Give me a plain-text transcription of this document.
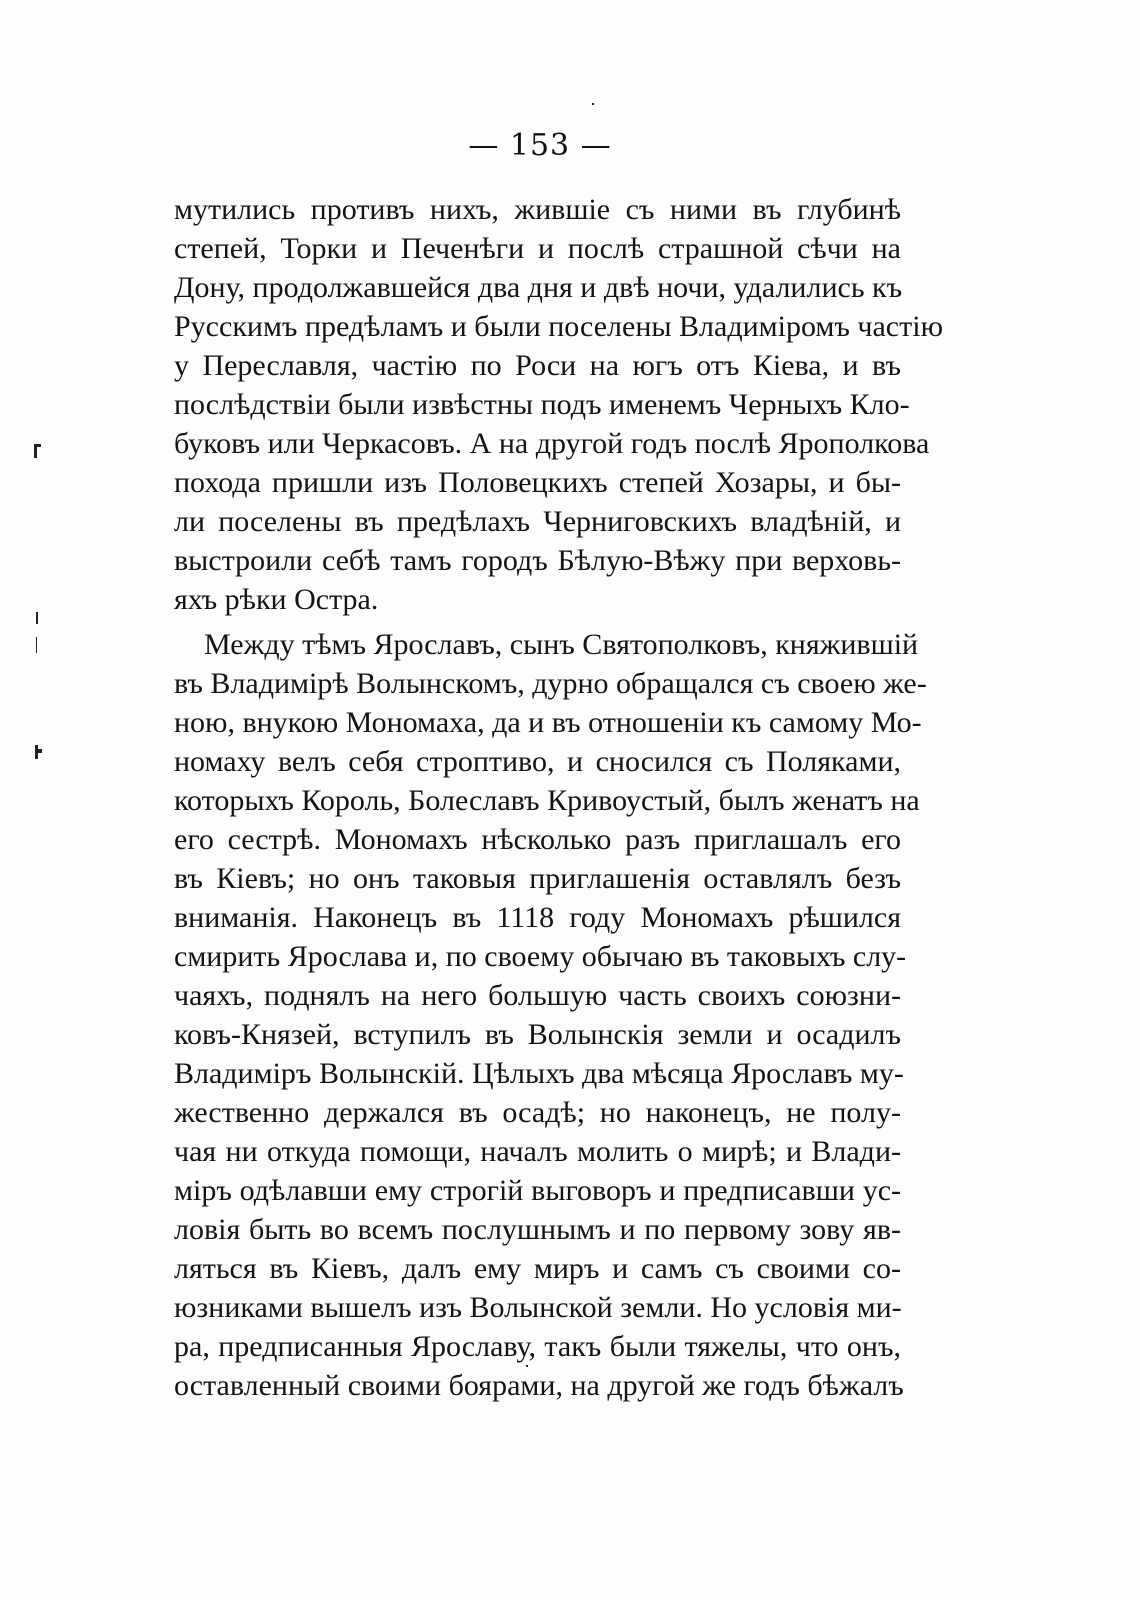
— 153 —
мутились противъ нихъ, жившіе съ ними въ глубинѣ
степей, Торки и Печенѣги и послѣ страшной сѣчи на
Дону, продолжавшейся два дня и двѣ ночи, удалились къ
Русскимъ предѣламъ и были поселены Владиміромъ частію
у Переславля, частію по Роси на югъ отъ Кіева, и въ
послѣдствіи были извѣстны подъ именемъ Черныхъ Кло-
буковъ или Черкасовъ. А на другой годъ послѣ Ярополкова
похода пришли изъ Половецкихъ степей Хозары, и бы-
ли поселены въ предѣлахъ Черниговскихъ владѣній, и
выстроили себѣ тамъ городъ Бѣлую-Вѣжу при верховь-
яхъ рѣки Остра.
Между тѣмъ Ярославъ, сынъ Святополковъ, княжившій
въ Владимірѣ Волынскомъ, дурно обращался съ своею же-
ною, внукою Мономаха, да и въ отношеніи къ самому Мо-
номаху велъ себя строптиво, и сносился съ Поляками,
которыхъ Король, Болеславъ Кривоустый, былъ женатъ на
его сестрѣ. Мономахъ нѣсколько разъ приглашалъ его
въ Кіевъ; но онъ таковыя приглашенія оставлялъ безъ
вниманія. Наконецъ въ 1118 году Мономахъ рѣшился
смирить Ярослава и, по своему обычаю въ таковыхъ слу-
чаяхъ, поднялъ на него большую часть своихъ союзни-
ковъ-Князей, вступилъ въ Волынскія земли и осадилъ
Владиміръ Волынскій. Цѣлыхъ два мѣсяца Ярославъ му-
жественно держался въ осадѣ; но наконецъ, не полу-
чая ни откуда помощи, началъ молить о мирѣ; и Влади-
міръ одѣлавши ему строгій выговоръ и предписавши ус-
ловія быть во всемъ послушнымъ и по первому зову яв-
ляться въ Кіевъ, далъ ему миръ и самъ съ своими со-
юзниками вышелъ изъ Волынской земли. Но условія ми-
ра, предписанныя Ярославу, такъ были тяжелы, что онъ,
оставленный своими боярами, на другой же годъ бѣжалъ
